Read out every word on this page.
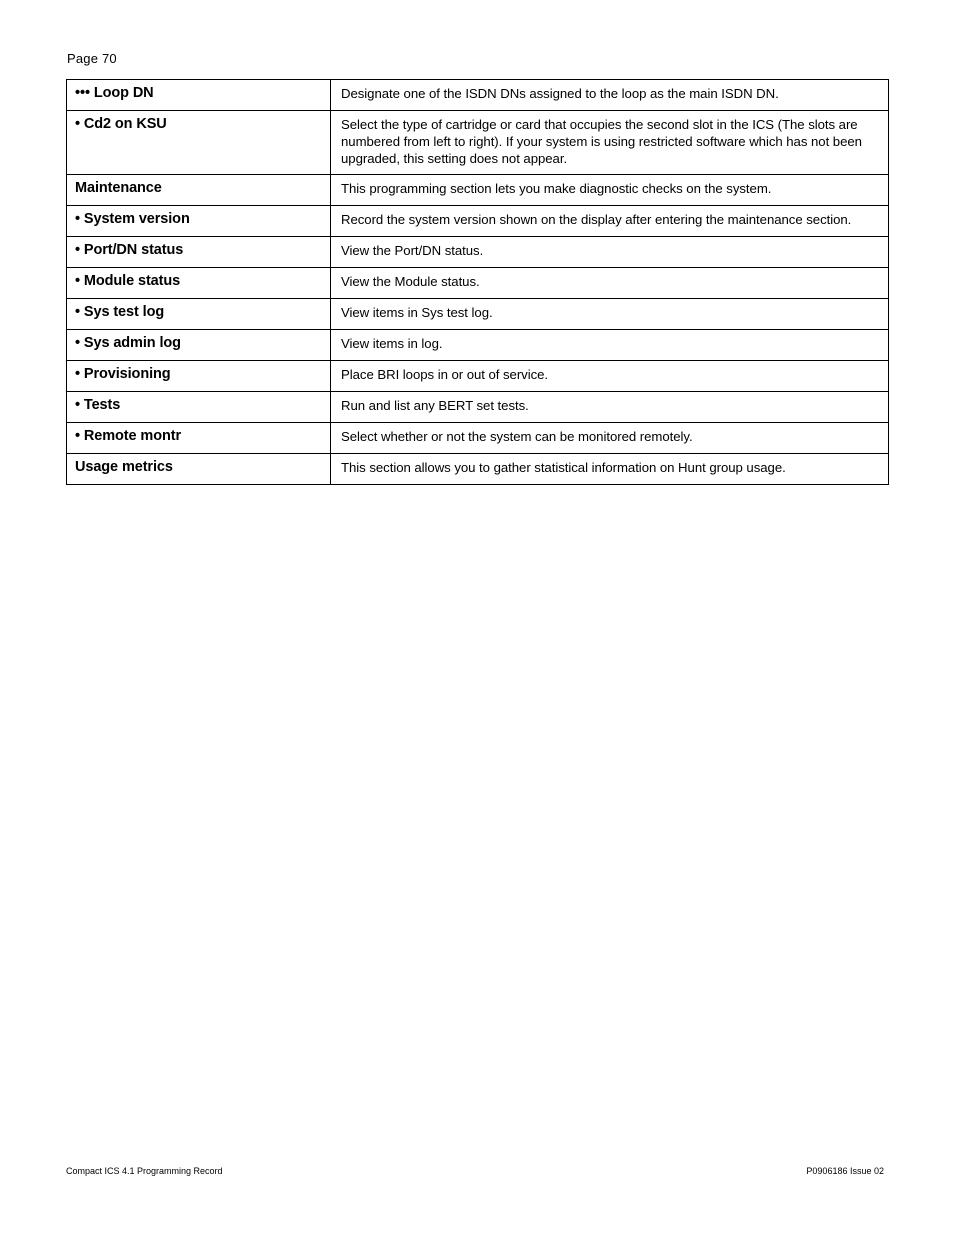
Page 70
••• Loop DN	Designate one of the ISDN DNs assigned to the loop as the main ISDN DN.
• Cd2 on KSU	Select the type of cartridge or card that occupies the second slot in the ICS (The slots are numbered from left to right). If your system is using restricted software which has not been upgraded, this setting does not appear.
Maintenance	This programming section lets you make diagnostic checks on the system.
• System version	Record the system version shown on the display after entering the maintenance section.
• Port/DN status	View the Port/DN status.
• Module status	View the Module status.
• Sys test log	View items in Sys test log.
• Sys admin log	View items in log.
• Provisioning	Place BRI loops in or out of service.
• Tests	Run and list any BERT set tests.
• Remote montr	Select whether or not the system can be monitored remotely.
Usage metrics	This section allows you to gather statistical information on Hunt group usage.
Compact ICS 4.1 Programming Record	P0906186 Issue 02
